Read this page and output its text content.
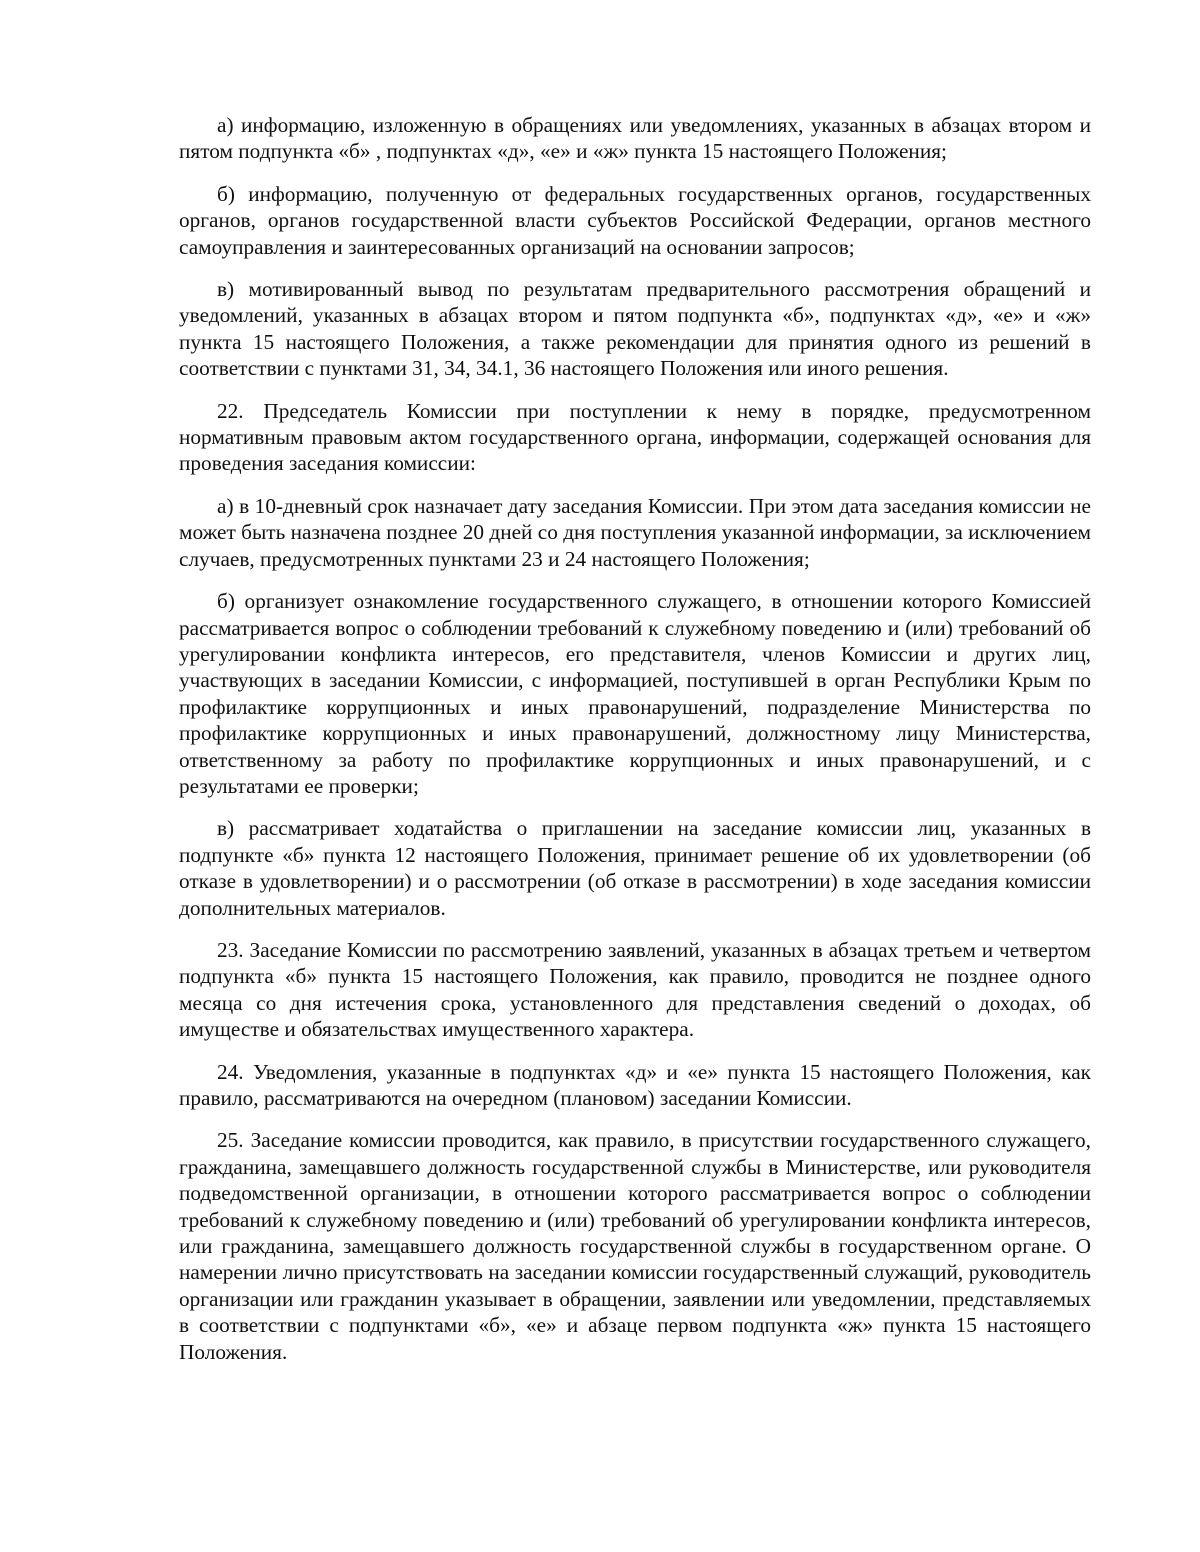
а) информацию, изложенную в обращениях или уведомлениях, указанных в абзацах втором и пятом подпункта «б» , подпунктах «д», «е» и «ж» пункта 15 настоящего Положения;

б) информацию, полученную от федеральных государственных органов, государственных органов, органов государственной власти субъектов Российской Федерации, органов местного самоуправления и заинтересованных организаций на основании запросов;

в) мотивированный вывод по результатам предварительного рассмотрения обращений и уведомлений, указанных в абзацах втором и пятом подпункта «б», подпунктах «д», «е» и «ж» пункта 15 настоящего Положения, а также рекомендации для принятия одного из решений в соответствии с пунктами 31, 34, 34.1, 36 настоящего Положения или иного решения.

22. Председатель Комиссии при поступлении к нему в порядке, предусмотренном нормативным правовым актом государственного органа, информации, содержащей основания для проведения заседания комиссии:

а) в 10-дневный срок назначает дату заседания Комиссии. При этом дата заседания комиссии не может быть назначена позднее 20 дней со дня поступления указанной информации, за исключением случаев, предусмотренных пунктами 23 и 24 настоящего Положения;

б) организует ознакомление государственного служащего, в отношении которого Комиссией рассматривается вопрос о соблюдении требований к служебному поведению и (или) требований об урегулировании конфликта интересов, его представителя, членов Комиссии и других лиц, участвующих в заседании Комиссии, с информацией, поступившей в орган Республики Крым по профилактике коррупционных и иных правонарушений, подразделение Министерства по профилактике коррупционных и иных правонарушений, должностному лицу Министерства, ответственному за работу по профилактике коррупционных и иных правонарушений, и с результатами ее проверки;

в) рассматривает ходатайства о приглашении на заседание комиссии лиц, указанных в подпункте «б» пункта 12 настоящего Положения, принимает решение об их удовлетворении (об отказе в удовлетворении) и о рассмотрении (об отказе в рассмотрении) в ходе заседания комиссии дополнительных материалов.

23. Заседание Комиссии по рассмотрению заявлений, указанных в абзацах третьем и четвертом подпункта «б» пункта 15 настоящего Положения, как правило, проводится не позднее одного месяца со дня истечения срока, установленного для представления сведений о доходах, об имуществе и обязательствах имущественного характера.

24. Уведомления, указанные в подпунктах «д» и «е» пункта 15 настоящего Положения, как правило, рассматриваются на очередном (плановом) заседании Комиссии.

25. Заседание комиссии проводится, как правило, в присутствии государственного служащего, гражданина, замещавшего должность государственной службы в Министерстве, или руководителя подведомственной организации, в отношении которого рассматривается вопрос о соблюдении требований к служебному поведению и (или) требований об урегулировании конфликта интересов, или гражданина, замещавшего должность государственной службы в государственном органе. О намерении лично присутствовать на заседании комиссии государственный служащий, руководитель организации или гражданин указывает в обращении, заявлении или уведомлении, представляемых в соответствии с подпунктами «б», «е» и абзаце первом подпункта «ж» пункта 15 настоящего Положения.
